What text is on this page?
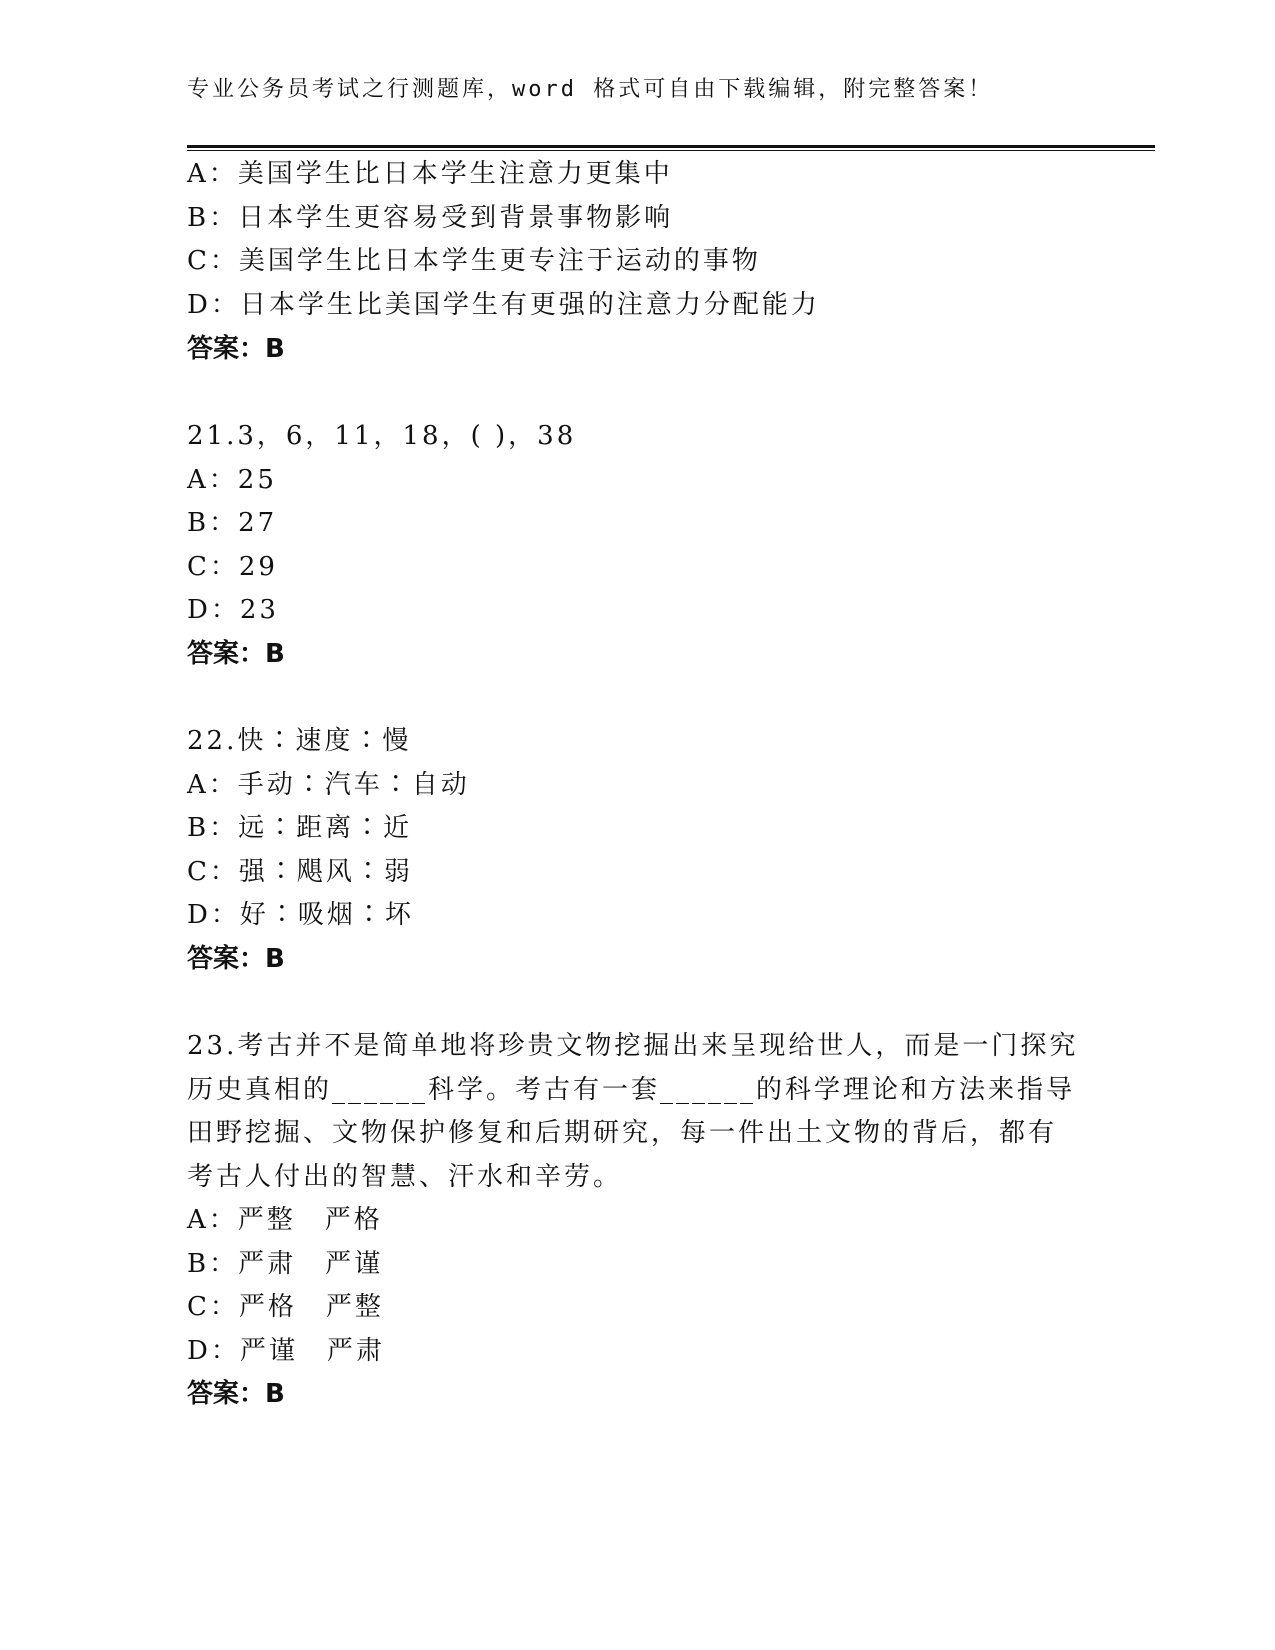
专业公务员考试之行测题库，word 格式可自由下载编辑，附完整答案！
A：美国学生比日本学生注意力更集中
B：日本学生更容易受到背景事物影响
C：美国学生比日本学生更专注于运动的事物
D：日本学生比美国学生有更强的注意力分配能力
答案：B
21.3，6，11，18，( )，38
A：25
B：27
C：29
D：23
答案：B
22.快∶速度∶慢
A：手动∶汽车∶自动
B：远∶距离∶近
C：强∶飓风∶弱
D：好∶吸烟∶坏
答案：B
23.考古并不是简单地将珍贵文物挖掘出来呈现给世人，而是一门探究
历史真相的______科学。考古有一套______的科学理论和方法来指导
田野挖掘、文物保护修复和后期研究，每一件出土文物的背后，都有
考古人付出的智慧、汗水和辛劳。
A：严整　严格
B：严肃　严谨
C：严格　严整
D：严谨　严肃
答案：B
